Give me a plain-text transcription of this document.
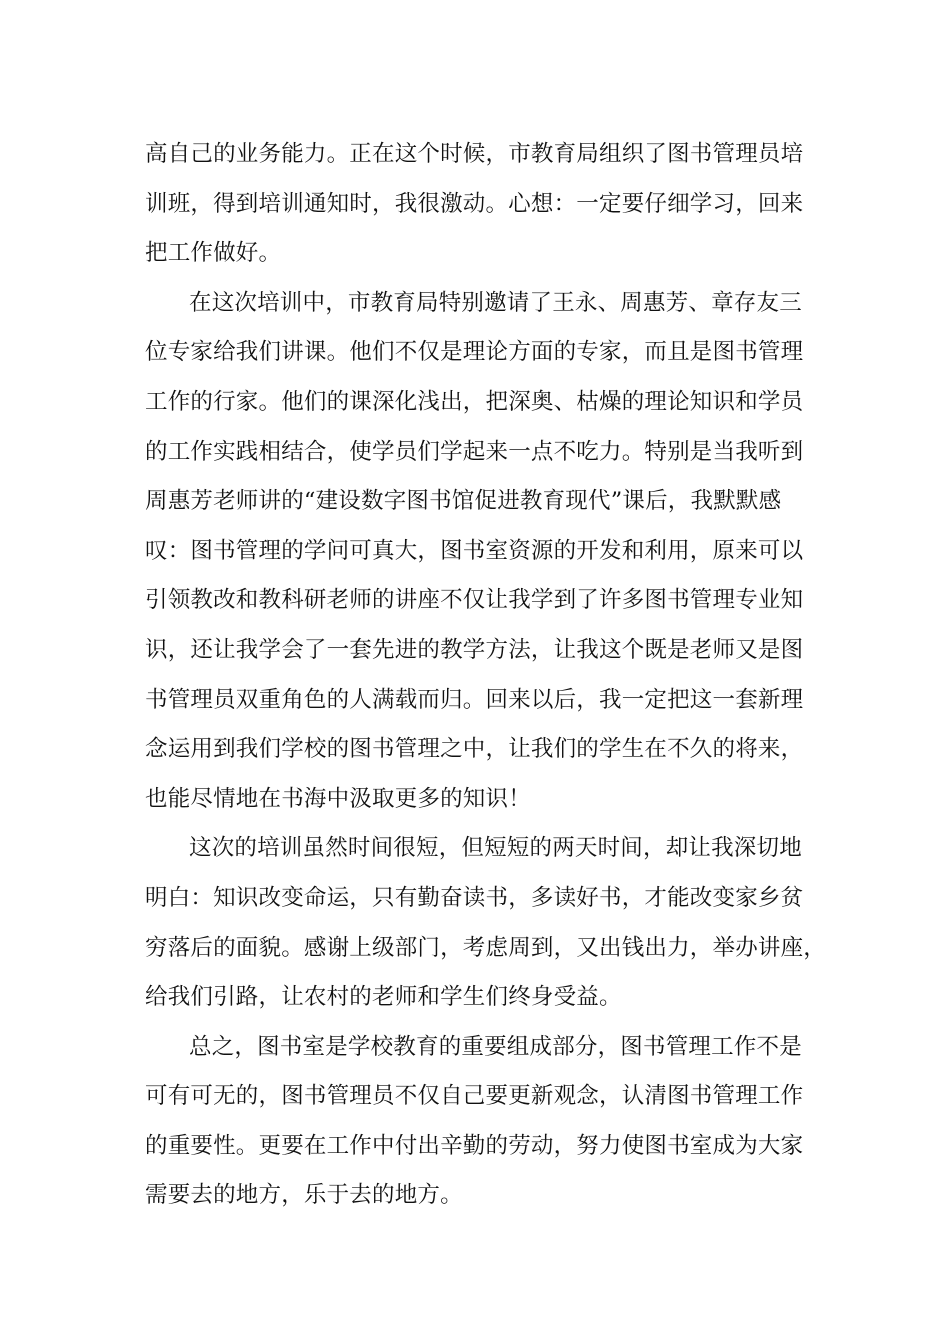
高自己的业务能力。正在这个时候，市教育局组织了图书管理员培
训班，得到培训通知时，我很激动。心想：一定要仔细学习，回来
把工作做好。
在这次培训中，市教育局特别邀请了王永、周惠芳、章存友三
位专家给我们讲课。他们不仅是理论方面的专家，而且是图书管理
工作的行家。他们的课深化浅出，把深奥、枯燥的理论知识和学员
的工作实践相结合，使学员们学起来一点不吃力。特别是当我听到
周惠芳老师讲的“建设数字图书馆促进教育现代”课后，我默默感
叹：图书管理的学问可真大，图书室资源的开发和利用，原来可以
引领教改和教科研老师的讲座不仅让我学到了许多图书管理专业知
识，还让我学会了一套先进的教学方法，让我这个既是老师又是图
书管理员双重角色的人满载而归。回来以后，我一定把这一套新理
念运用到我们学校的图书管理之中，让我们的学生在不久的将来，
也能尽情地在书海中汲取更多的知识！
这次的培训虽然时间很短，但短短的两天时间，却让我深切地
明白：知识改变命运，只有勤奋读书，多读好书，才能改变家乡贫
穷落后的面貌。感谢上级部门，考虑周到，又出钱出力，举办讲座，
给我们引路，让农村的老师和学生们终身受益。
总之，图书室是学校教育的重要组成部分，图书管理工作不是
可有可无的，图书管理员不仅自己要更新观念，认清图书管理工作
的重要性。更要在工作中付出辛勤的劳动，努力使图书室成为大家
需要去的地方，乐于去的地方。
